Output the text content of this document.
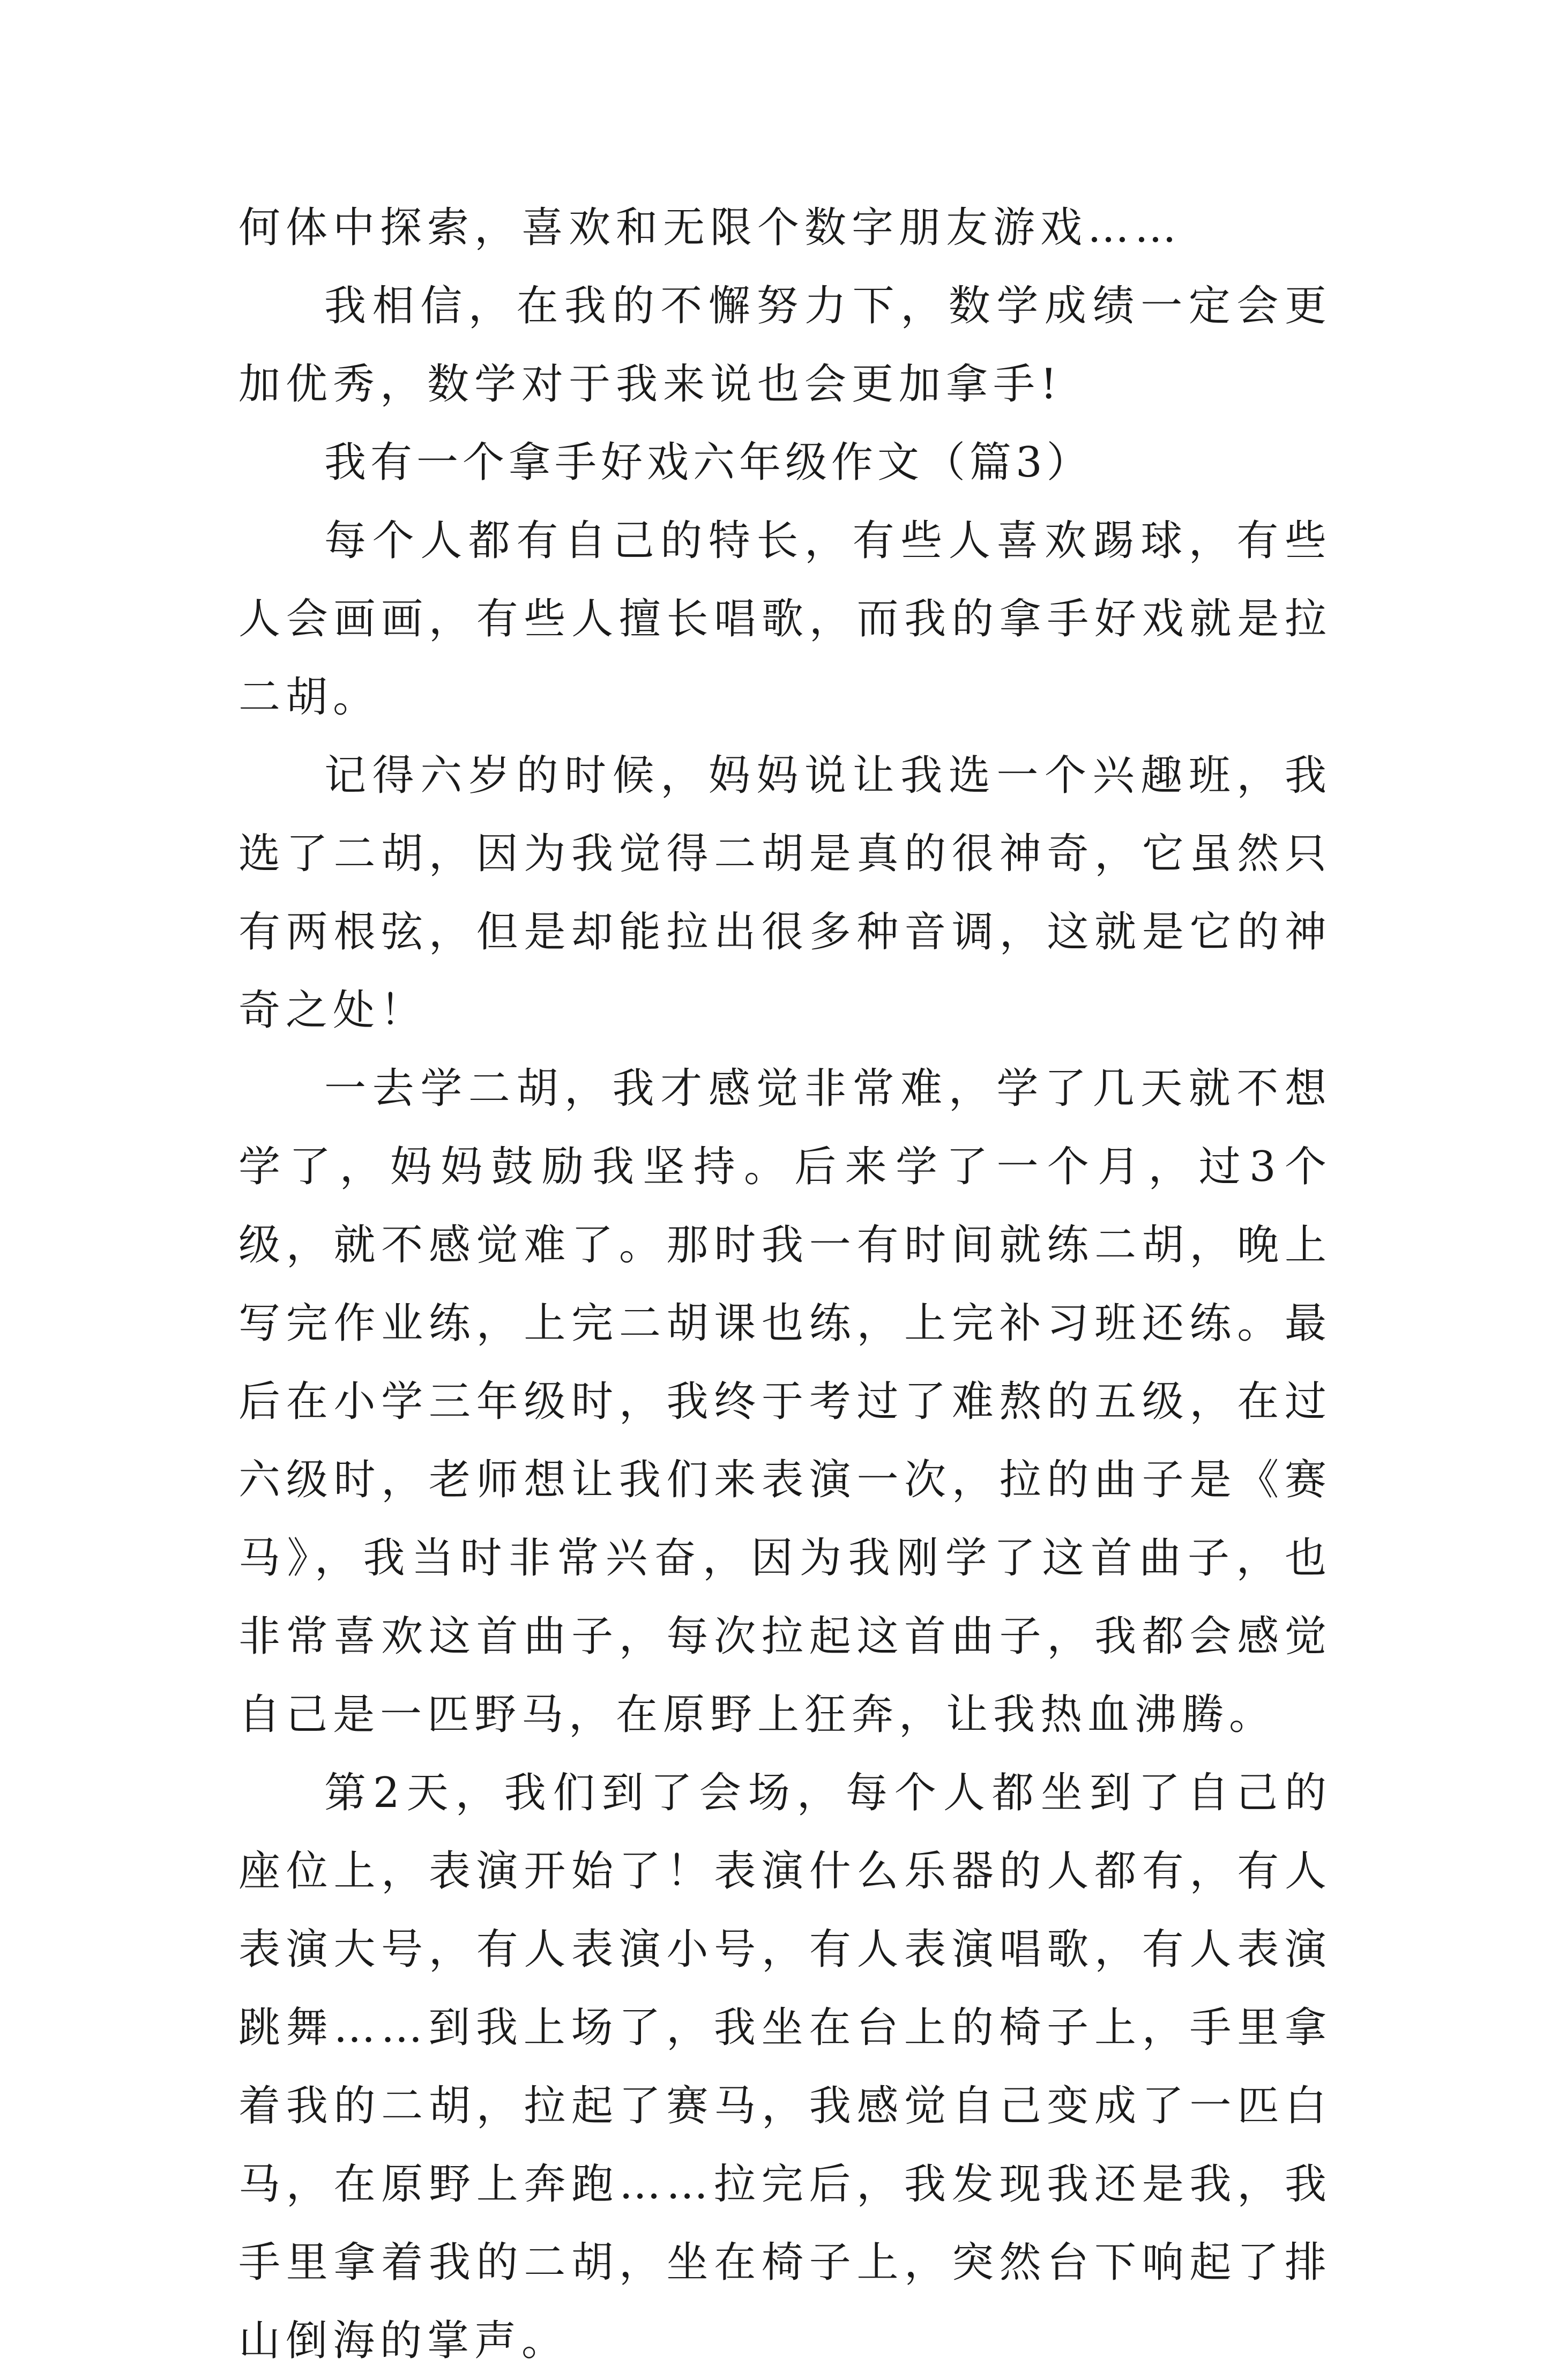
何体中探索，喜欢和无限个数字朋友游戏……

我相信，在我的不懈努力下，数学成绩一定会更加优秀，数学对于我来说也会更加拿手!

我有一个拿手好戏六年级作文（篇3）

每个人都有自己的特长，有些人喜欢踢球，有些人会画画，有些人擅长唱歌，而我的拿手好戏就是拉二胡。

记得六岁的时候，妈妈说让我选一个兴趣班，我选了二胡，因为我觉得二胡是真的很神奇，它虽然只有两根弦，但是却能拉出很多种音调，这就是它的神奇之处！

一去学二胡，我才感觉非常难，学了几天就不想学了，妈妈鼓励我坚持。后来学了一个月，过3个级，就不感觉难了。那时我一有时间就练二胡，晚上写完作业练，上完二胡课也练，上完补习班还练。最后在小学三年级时，我终于考过了难熬的五级，在过六级时，老师想让我们来表演一次，拉的曲子是《赛马》，我当时非常兴奋，因为我刚学了这首曲子，也非常喜欢这首曲子，每次拉起这首曲子，我都会感觉自己是一匹野马，在原野上狂奔，让我热血沸腾。

第2天，我们到了会场，每个人都坐到了自己的座位上，表演开始了！表演什么乐器的人都有，有人表演大号，有人表演小号，有人表演唱歌，有人表演跳舞……到我上场了，我坐在台上的椅子上，手里拿着我的二胡，拉起了赛马，我感觉自己变成了一匹白马，在原野上奔跑……拉完后，我发现我还是我，我手里拿着我的二胡，坐在椅子上，突然台下响起了排山倒海的掌声。
